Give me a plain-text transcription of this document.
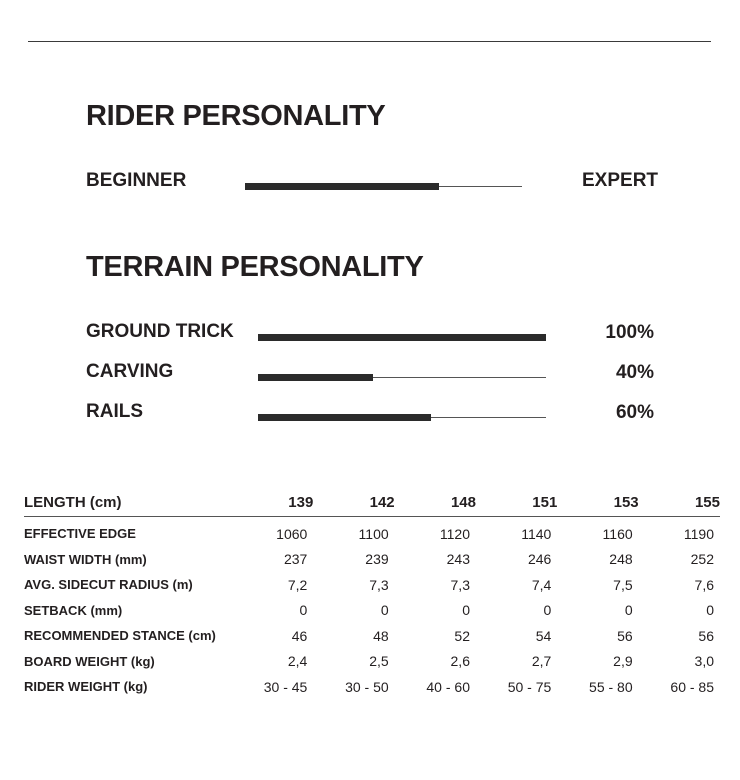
RIDER PERSONALITY
BEGINNER	EXPERT
TERRAIN PERSONALITY
GROUND TRICK	100%
CARVING	40%
RAILS	60%
LENGTH (cm)	139	142	148	151	153	155
EFFECTIVE EDGE	1060	1100	1120	1140	1160	1190
WAIST WIDTH (mm)	237	239	243	246	248	252
AVG. SIDECUT RADIUS (m)	7,2	7,3	7,3	7,4	7,5	7,6
SETBACK (mm)	0	0	0	0	0	0
RECOMMENDED STANCE (cm)	46	48	52	54	56	56
BOARD WEIGHT (kg)	2,4	2,5	2,6	2,7	2,9	3,0
RIDER WEIGHT (kg)	30 - 45	30 - 50	40 - 60	50 - 75	55 - 80	60 - 85
